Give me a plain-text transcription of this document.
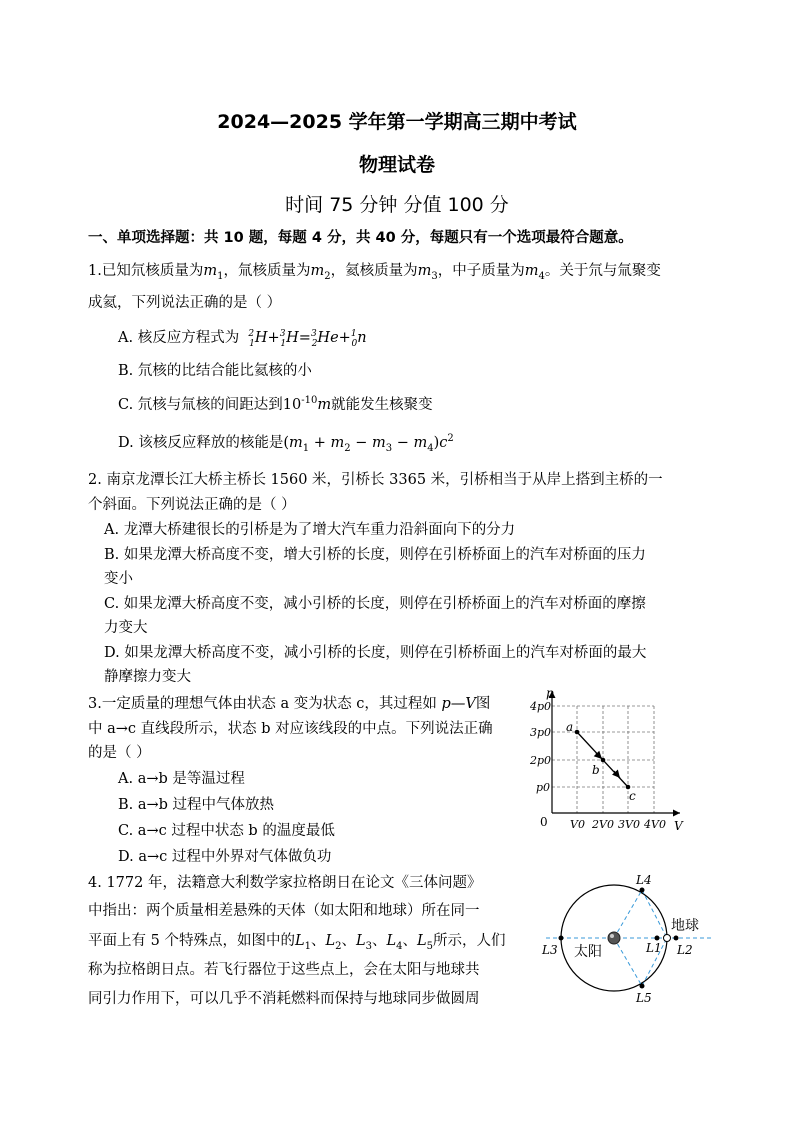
2024—2025 学年第一学期高三期中考试
物理试卷
时间 75 分钟 分值 100 分
一、单项选择题：共 10 题，每题 4 分，共 40 分，每题只有一个选项最符合题意。
1.已知氘核质量为$m_1$，氚核质量为$m_2$，氦核质量为$m_3$，中子质量为$m_4$。关于氘与氚聚变
成氦，下列说法正确的是（ ）
A. 核反应方程式为 $^2_1$H+$^3_1$H=$^3_2$He+$^1_0$n
B. 氘核的比结合能比氦核的小
C. 氘核与氚核的间距达到$10^{-10}m$就能发生核聚变
D. 该核反应释放的核能是$(m_1 + m_2 - m_3 - m_4)c^2$
2. 南京龙潭长江大桥主桥长 1560 米，引桥长 3365 米，引桥相当于从岸上搭到主桥的一
个斜面。下列说法正确的是（ ）
A. 龙潭大桥建很长的引桥是为了增大汽车重力沿斜面向下的分力
B. 如果龙潭大桥高度不变，增大引桥的长度，则停在引桥桥面上的汽车对桥面的压力
变小
C. 如果龙潭大桥高度不变，减小引桥的长度，则停在引桥桥面上的汽车对桥面的摩擦
力变大
D. 如果龙潭大桥高度不变，减小引桥的长度，则停在引桥桥面上的汽车对桥面的最大
静摩擦力变大
3.一定质量的理想气体由状态 a 变为状态 c，其过程如 p—V图
中 a→c 直线段所示，状态 b 对应该线段的中点。下列说法正确
的是（ ）
A. a→b 是等温过程
B. a→b 过程中气体放热
C. a→c 过程中状态 b 的温度最低
D. a→c 过程中外界对气体做负功
p
V
0
4p0
3p0
2p0
p0
V0 2V0 3V0 4V0
a
b
c
4. 1772 年，法籍意大利数学家拉格朗日在论文《三体问题》
中指出：两个质量相差悬殊的天体（如太阳和地球）所在同一
平面上有 5 个特殊点，如图中的$L_1$、$L_2$、$L_3$、$L_4$、$L_5$所示，人们
称为拉格朗日点。若飞行器位于这些点上，会在太阳与地球共
同引力作用下，可以几乎不消耗燃料而保持与地球同步做圆周
L4
L5
L3	L1 L2
太阳
地球
